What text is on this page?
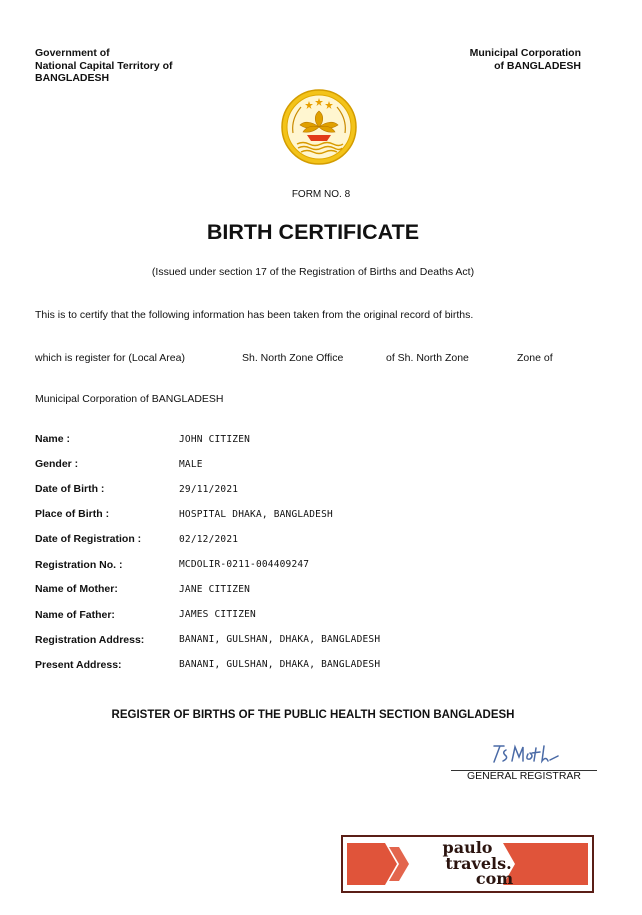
Government of
National Capital Territory of
BANGLADESH
Municipal Corporation
of BANGLADESH
FORM NO. 8
BIRTH CERTIFICATE
(Issued under section 17 of the Registration of Births and Deaths Act)
This is to certify that the following information has been taken from the original record of births.
which is register for (Local Area)	Sh. North Zone Office	of Sh. North Zone	Zone of
Municipal Corporation of BANGLADESH
Name :	JOHN CITIZEN
Gender :	MALE
Date of Birth :	29/11/2021
Place of Birth :	HOSPITAL DHAKA, BANGLADESH
Date of Registration :	02/12/2021
Registration No. :	MCDOLIR-0211-004409247
Name of Mother:	JANE CITIZEN
Name of Father:	JAMES CITIZEN
Registration Address:	BANANI, GULSHAN, DHAKA, BANGLADESH
Present Address:	BANANI, GULSHAN, DHAKA, BANGLADESH
REGISTER OF BIRTHS OF THE PUBLIC HEALTH SECTION BANGLADESH
GENERAL REGISTRAR
paulo
travels.
com
